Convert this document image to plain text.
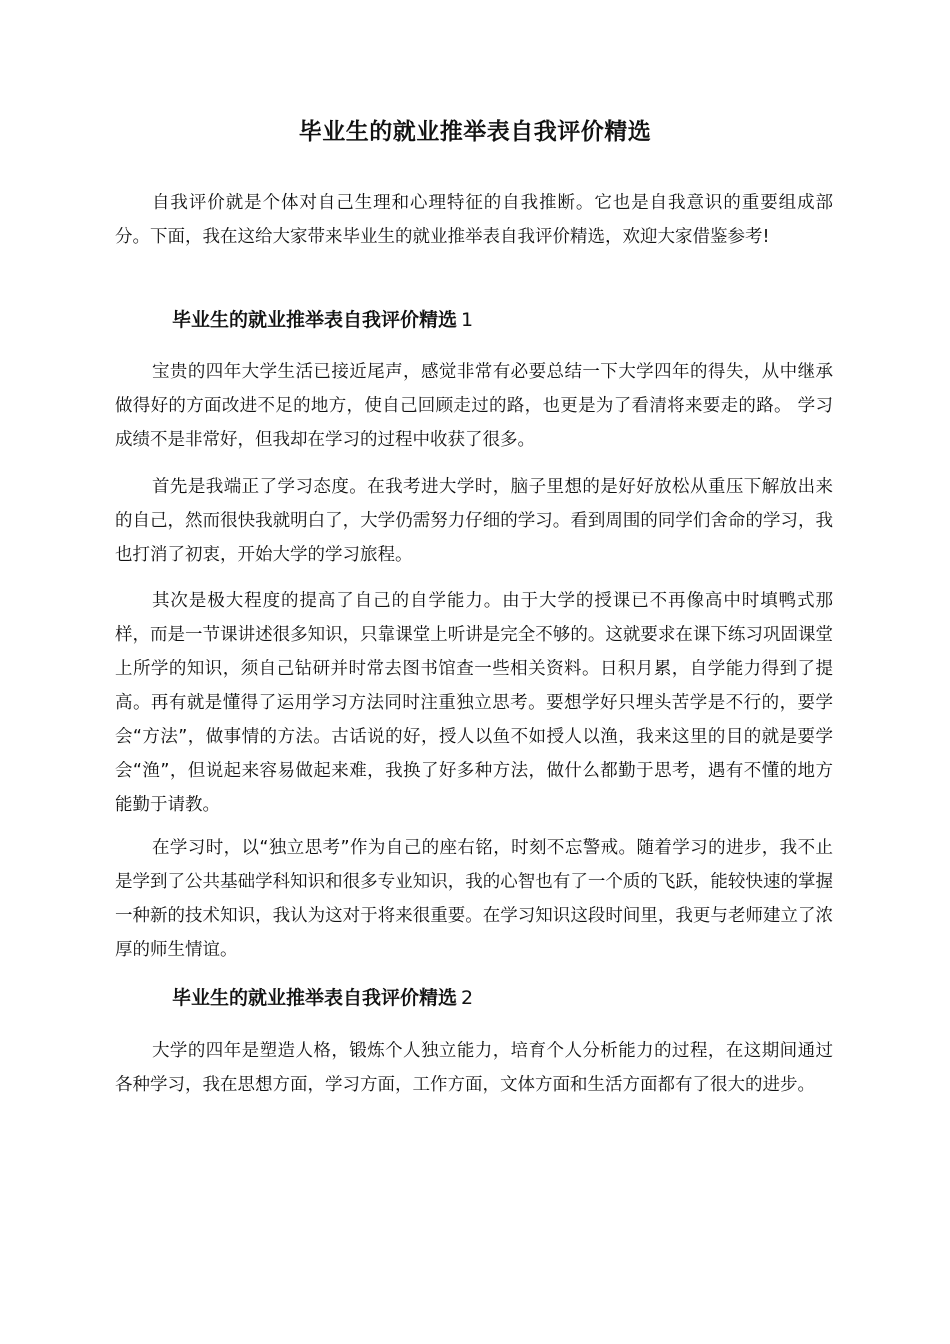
毕业生的就业推举表自我评价精选

自我评价就是个体对自己生理和心理特征的自我推断。它也是自我意识的重要组成部分。下面，我在这给大家带来毕业生的就业推举表自我评价精选，欢迎大家借鉴参考!

毕业生的就业推举表自我评价精选 1

宝贵的四年大学生活已接近尾声，感觉非常有必要总结一下大学四年的得失，从中继承做得好的方面改进不足的地方，使自己回顾走过的路，也更是为了看清将来要走的路。 学习成绩不是非常好，但我却在学习的过程中收获了很多。

首先是我端正了学习态度。在我考进大学时，脑子里想的是好好放松从重压下解放出来的自己，然而很快我就明白了，大学仍需努力仔细的学习。看到周围的同学们舍命的学习，我也打消了初衷，开始大学的学习旅程。

其次是极大程度的提高了自己的自学能力。由于大学的授课已不再像高中时填鸭式那样，而是一节课讲述很多知识，只靠课堂上听讲是完全不够的。这就要求在课下练习巩固课堂上所学的知识，须自己钻研并时常去图书馆查一些相关资料。日积月累，自学能力得到了提高。再有就是懂得了运用学习方法同时注重独立思考。要想学好只埋头苦学是不行的，要学会“方法”，做事情的方法。古话说的好，授人以鱼不如授人以渔，我来这里的目的就是要学会“渔”，但说起来容易做起来难，我换了好多种方法，做什么都勤于思考，遇有不懂的地方能勤于请教。

在学习时，以“独立思考”作为自己的座右铭，时刻不忘警戒。随着学习的进步，我不止是学到了公共基础学科知识和很多专业知识，我的心智也有了一个质的飞跃，能较快速的掌握一种新的技术知识，我认为这对于将来很重要。在学习知识这段时间里，我更与老师建立了浓厚的师生情谊。

毕业生的就业推举表自我评价精选 2

大学的四年是塑造人格，锻炼个人独立能力，培育个人分析能力的过程，在这期间通过各种学习，我在思想方面，学习方面，工作方面，文体方面和生活方面都有了很大的进步。
